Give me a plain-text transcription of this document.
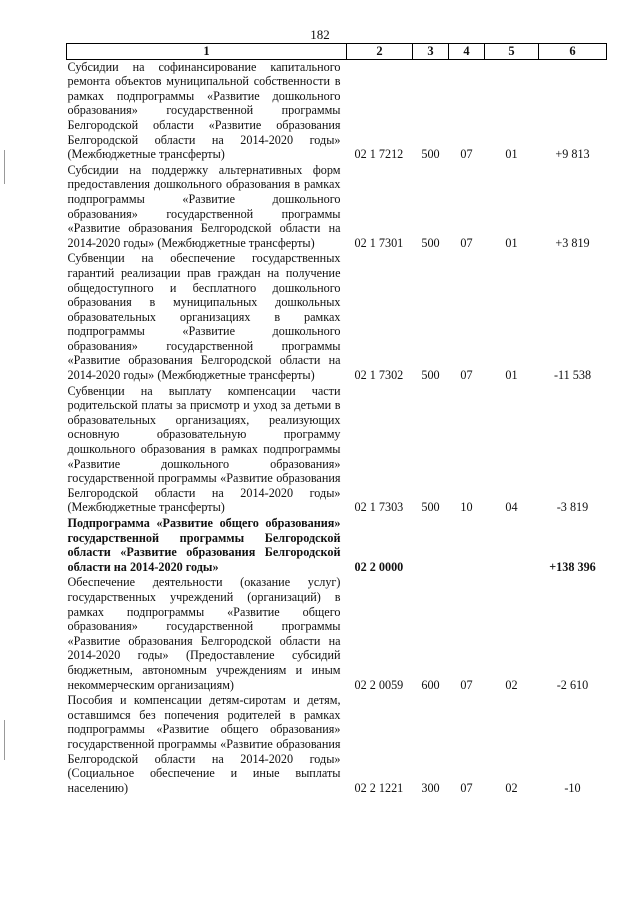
182
1	2	3	4	5	6
Субсидии на софинансирование капитального ремонта объектов муниципальной собственности в рамках подпрограммы «Развитие дошкольного образования» государственной программы Белгородской области «Развитие образования Белгородской области на 2014-2020 годы» (Межбюджетные трансферты)	02 1 7212	500	07	01	+9 813
Субсидии на поддержку альтернативных форм предоставления дошкольного образования в рамках подпрограммы «Развитие дошкольного образования» государственной программы «Развитие образования Белгородской области на 2014-2020 годы» (Межбюджетные трансферты)	02 1 7301	500	07	01	+3 819
Субвенции на обеспечение государственных гарантий реализации прав граждан на получение общедоступного и бесплатного дошкольного образования в муниципальных дошкольных образовательных организациях в рамках подпрограммы «Развитие дошкольного образования» государственной программы «Развитие образования Белгородской области на 2014-2020 годы» (Межбюджетные трансферты)	02 1 7302	500	07	01	-11 538
Субвенции на выплату компенсации части родительской платы за присмотр и уход за детьми в образовательных организациях, реализующих основную образовательную программу дошкольного образования в рамках подпрограммы «Развитие дошкольного образования» государственной программы «Развитие образования Белгородской области на 2014-2020 годы» (Межбюджетные трансферты)	02 1 7303	500	10	04	-3 819
Подпрограмма «Развитие общего образования» государственной программы Белгородской области «Развитие образования Белгородской области на 2014-2020 годы»	02 2 0000				+138 396
Обеспечение деятельности (оказание услуг) государственных учреждений (организаций) в рамках подпрограммы «Развитие общего образования» государственной программы «Развитие образования Белгородской области на 2014-2020 годы» (Предоставление субсидий бюджетным, автономным учреждениям и иным некоммерческим организациям)	02 2 0059	600	07	02	-2 610
Пособия и компенсации детям-сиротам и детям, оставшимся без попечения родителей в рамках подпрограммы «Развитие общего образования» государственной программы «Развитие образования Белгородской области на 2014-2020 годы» (Социальное обеспечение и иные выплаты населению)	02 2 1221	300	07	02	-10
